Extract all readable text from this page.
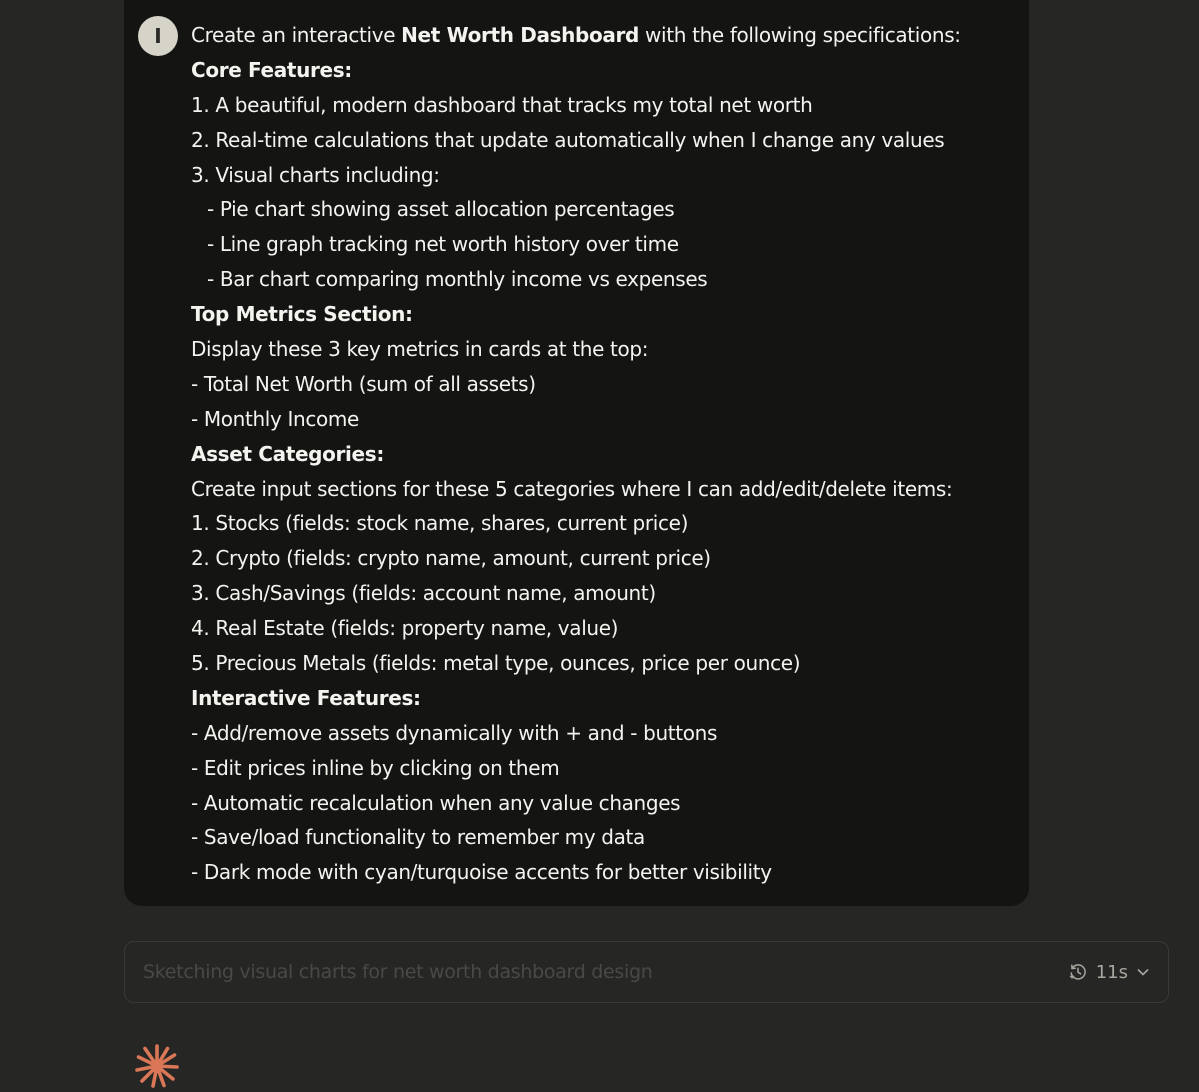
I Create an interactive Net Worth Dashboard with the following specifications:
Core Features:
1. A beautiful, modern dashboard that tracks my total net worth
2. Real-time calculations that update automatically when I change any values
3. Visual charts including:
- Pie chart showing asset allocation percentages
- Line graph tracking net worth history over time
- Bar chart comparing monthly income vs expenses
Top Metrics Section:
Display these 3 key metrics in cards at the top:
- Total Net Worth (sum of all assets)
- Monthly Income
Asset Categories:
Create input sections for these 5 categories where I can add/edit/delete items:
1. Stocks (fields: stock name, shares, current price)
2. Crypto (fields: crypto name, amount, current price)
3. Cash/Savings (fields: account name, amount)
4. Real Estate (fields: property name, value)
5. Precious Metals (fields: metal type, ounces, price per ounce)
Interactive Features:
- Add/remove assets dynamically with + and - buttons
- Edit prices inline by clicking on them
- Automatic recalculation when any value changes
- Save/load functionality to remember my data
- Dark mode with cyan/turquoise accents for better visibility
Sketching visual charts for net worth dashboard design	11s
